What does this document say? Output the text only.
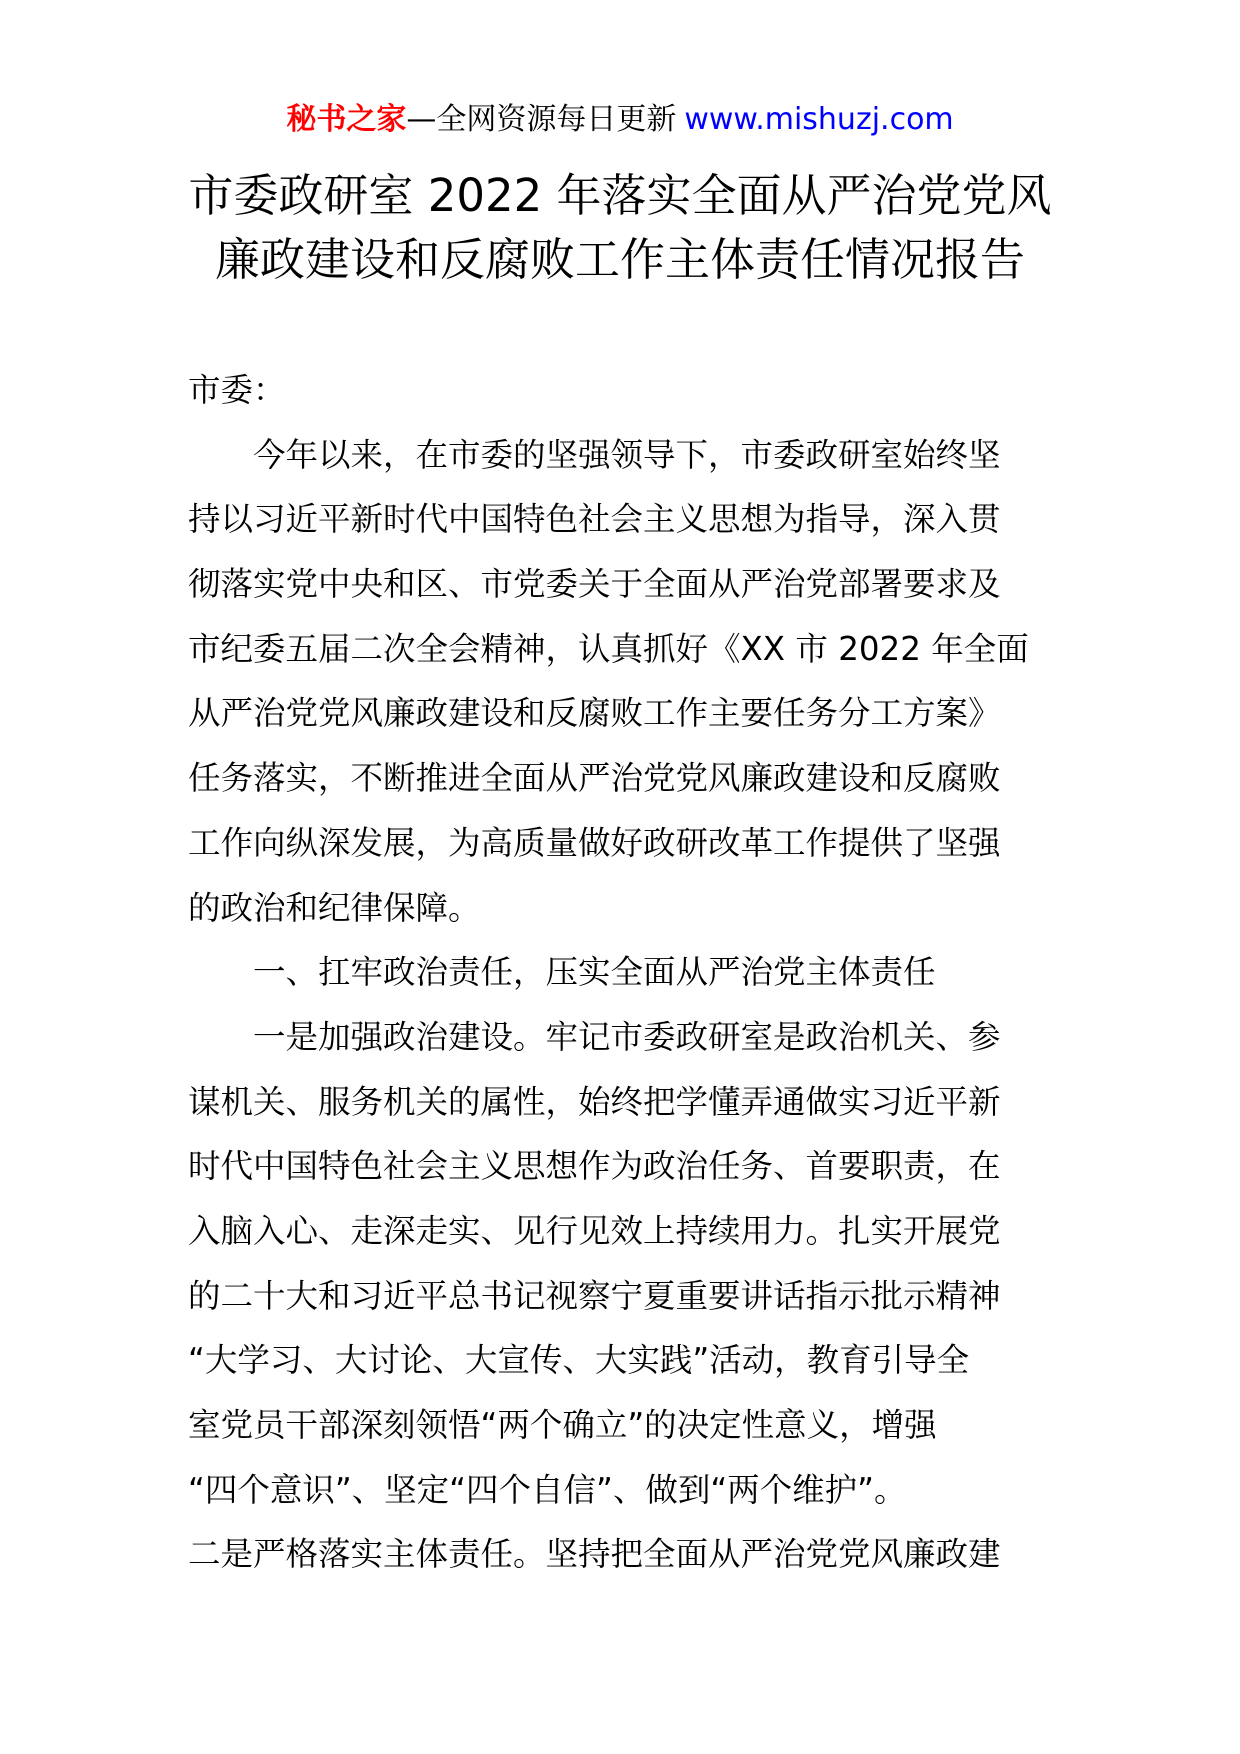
秘书之家—全网资源每日更新 www.mishuzj.com
市委政研室 2022 年落实全面从严治党党风
廉政建设和反腐败工作主体责任情况报告
市委：
今年以来，在市委的坚强领导下，市委政研室始终坚
持以习近平新时代中国特色社会主义思想为指导，深入贯
彻落实党中央和区、市党委关于全面从严治党部署要求及
市纪委五届二次全会精神，认真抓好《XX 市 2022 年全面
从严治党党风廉政建设和反腐败工作主要任务分工方案》
任务落实，不断推进全面从严治党党风廉政建设和反腐败
工作向纵深发展，为高质量做好政研改革工作提供了坚强
的政治和纪律保障。
一、扛牢政治责任，压实全面从严治党主体责任
一是加强政治建设。牢记市委政研室是政治机关、参
谋机关、服务机关的属性，始终把学懂弄通做实习近平新
时代中国特色社会主义思想作为政治任务、首要职责，在
入脑入心、走深走实、见行见效上持续用力。扎实开展党
的二十大和习近平总书记视察宁夏重要讲话指示批示精神
“大学习、大讨论、大宣传、大实践”活动，教育引导全
室党员干部深刻领悟“两个确立”的决定性意义，增强
“四个意识”、坚定“四个自信”、做到“两个维护”。
二是严格落实主体责任。坚持把全面从严治党党风廉政建
